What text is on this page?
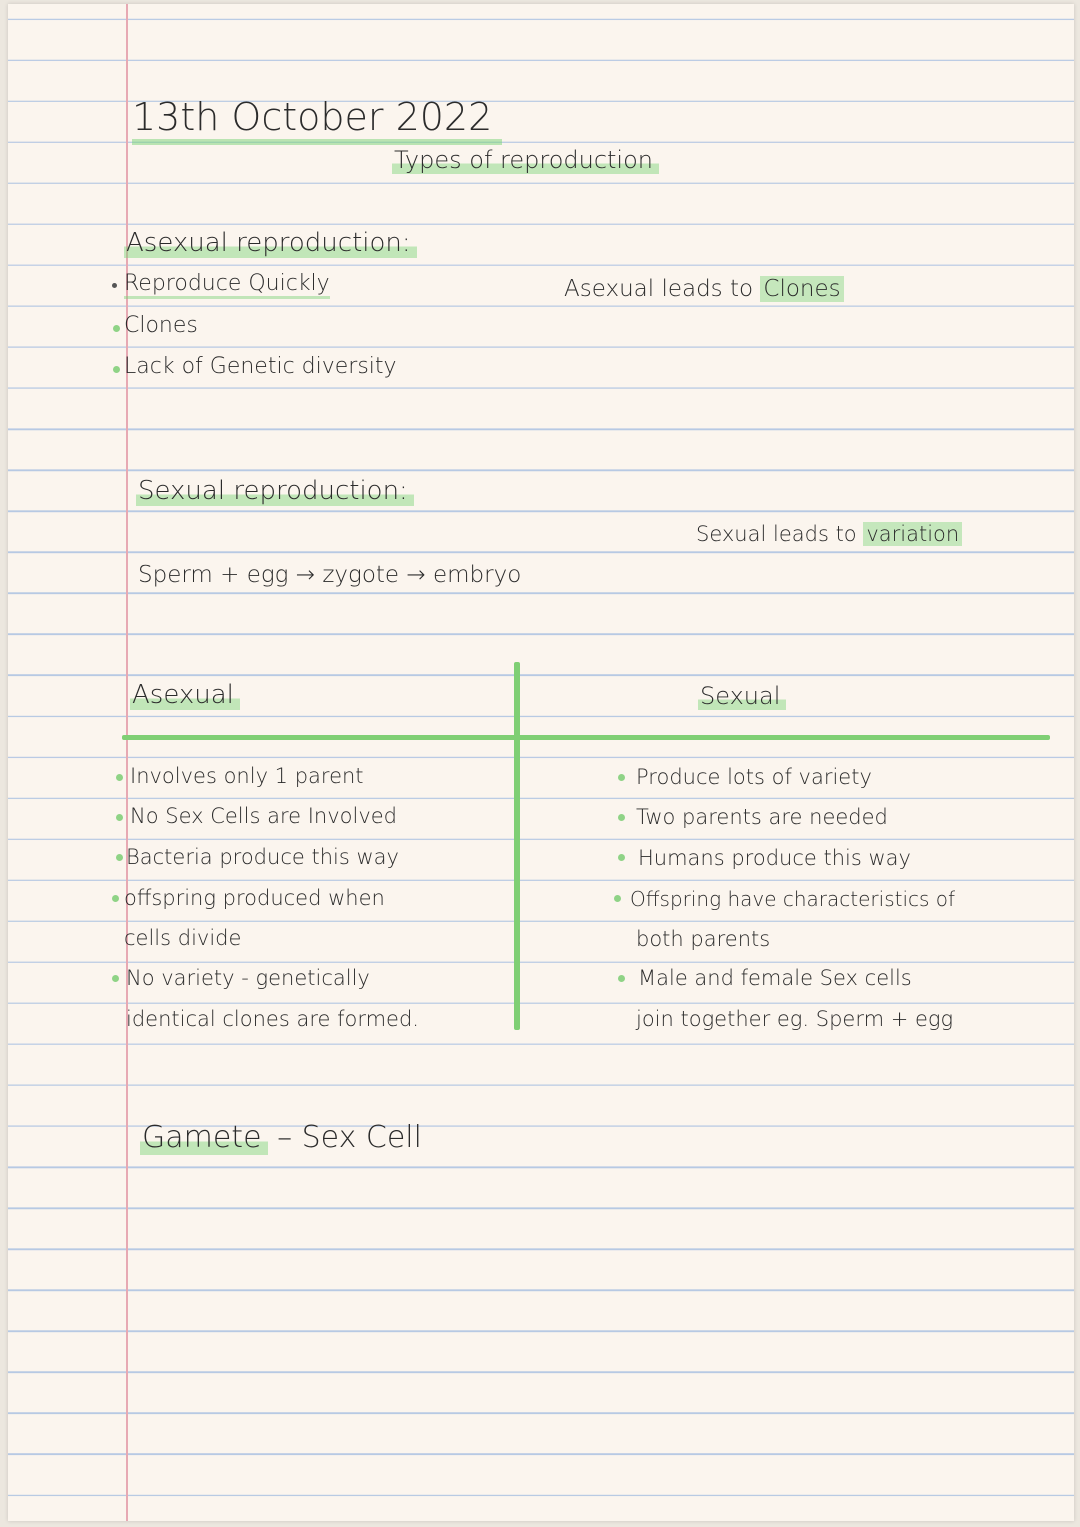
13th October 2022
Types of reproduction
Asexual reproduction:
Reproduce Quickly
Clones
Lack of Genetic diversity
Asexual leads to Clones
Sexual reproduction:
Sexual leads to variation
Sperm + egg → zygote → embryo
Asexual	Sexual
Involves only 1 parent
No Sex Cells are Involved
Bacteria produce this way
offspring produced when
cells divide
No variety - genetically
identical clones are formed.
Produce lots of variety
Two parents are needed
Humans produce this way
Offspring have characteristics of
both parents
Male and female Sex cells
join together eg. Sperm + egg
Gamete – Sex Cell
